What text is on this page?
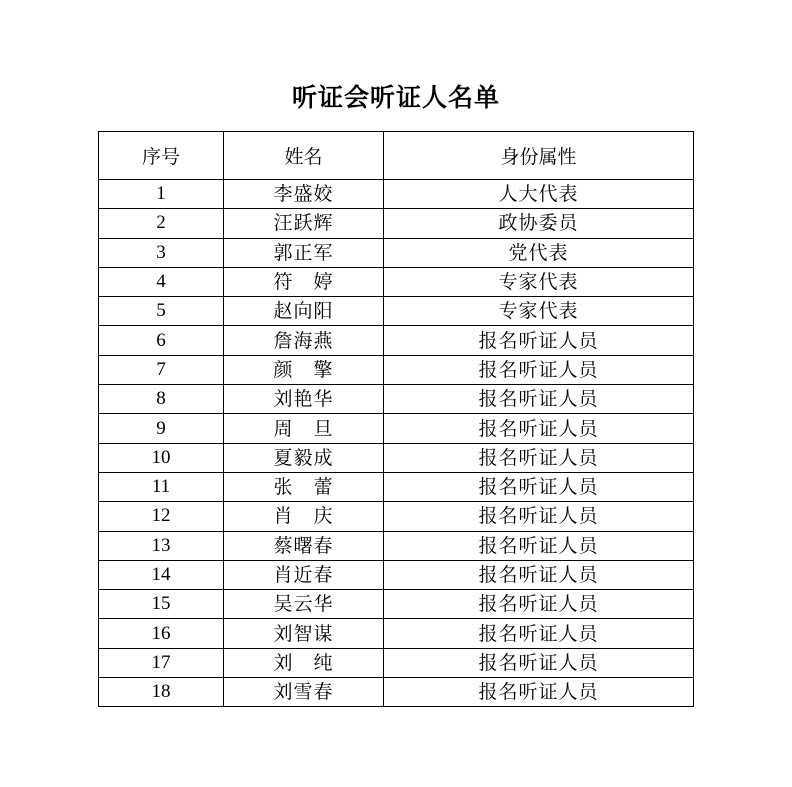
听证会听证人名单
序号	姓名	身份属性
1	李盛姣	人大代表
2	汪跃辉	政协委员
3	郭正军	党代表
4	符　婷	专家代表
5	赵向阳	专家代表
6	詹海燕	报名听证人员
7	颜　擎	报名听证人员
8	刘艳华	报名听证人员
9	周　旦	报名听证人员
10	夏毅成	报名听证人员
11	张　蕾	报名听证人员
12	肖　庆	报名听证人员
13	蔡曙春	报名听证人员
14	肖近春	报名听证人员
15	吴云华	报名听证人员
16	刘智谋	报名听证人员
17	刘　纯	报名听证人员
18	刘雪春	报名听证人员
